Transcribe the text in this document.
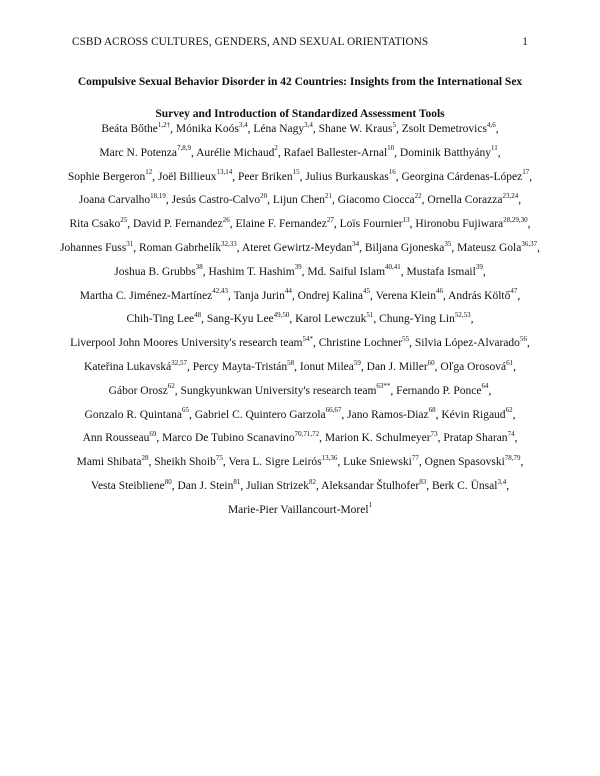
CSBD ACROSS CULTURES, GENDERS, AND SEXUAL ORIENTATIONS	1
Compulsive Sexual Behavior Disorder in 42 Countries: Insights from the International Sex Survey and Introduction of Standardized Assessment Tools
Beáta Bőthe$^{1,2\dagger}$, Mónika Koós$^{3,4}$, Léna Nagy$^{3,4}$, Shane W. Kraus$^5$, Zsolt Demetrovics$^{4,6}$, Marc N. Potenza$^{7,8,9}$, Aurélie Michaud$^2$, Rafael Ballester-Arnal$^{10}$, Dominik Batthyány$^{11}$, Sophie Bergeron$^{12}$, Joël Billieux$^{13,14}$, Peer Briken$^{15}$, Julius Burkauskas$^{16}$, Georgina Cárdenas-López$^{17}$, Joana Carvalho$^{18,19}$, Jesús Castro-Calvo$^{20}$, Lijun Chen$^{21}$, Giacomo Ciocca$^{22}$, Ornella Corazza$^{23,24}$, Rita Csako$^{25}$, David P. Fernandez$^{26}$, Elaine F. Fernandez$^{27}$, Loïs Fournier$^{13}$, Hironobu Fujiwara$^{28,29,30}$, Johannes Fuss$^{31}$, Roman Gabrhelík$^{32,33}$, Ateret Gewirtz-Meydan$^{34}$, Biljana Gjoneska$^{35}$, Mateusz Gola$^{36,37}$, Joshua B. Grubbs$^{38}$, Hashim T. Hashim$^{39}$, Md. Saiful Islam$^{40,41}$, Mustafa Ismail$^{39}$, Martha C. Jiménez-Martínez$^{42,43}$, Tanja Jurin$^{44}$, Ondrej Kalina$^{45}$, Verena Klein$^{46}$, András Költő$^{47}$, Chih-Ting Lee$^{48}$, Sang-Kyu Lee$^{49,50}$, Karol Lewczuk$^{51}$, Chung-Ying Lin$^{52,53}$, Liverpool John Moores University's research team$^{54*}$, Christine Lochner$^{55}$, Silvia López-Alvarado$^{56}$, Kateřina Lukavská$^{32,57}$, Percy Mayta-Tristán$^{58}$, Ionut Milea$^{59}$, Dan J. Miller$^{60}$, Oľga Orosová$^{61}$, Gábor Orosz$^{62}$, Sungkyunkwan University's research team$^{63**}$, Fernando P. Ponce$^{64}$, Gonzalo R. Quintana$^{65}$, Gabriel C. Quintero Garzola$^{66,67}$, Jano Ramos-Diaz$^{68}$, Kévin Rigaud$^{62}$, Ann Rousseau$^{69}$, Marco De Tubino Scanavino$^{70,71,72}$, Marion K. Schulmeyer$^{73}$, Pratap Sharan$^{74}$, Mami Shibata$^{28}$, Sheikh Shoib$^{75}$, Vera L. Sigre Leirós$^{13,36}$, Luke Sniewski$^{77}$, Ognen Spasovski$^{78,79}$, Vesta Steibliene$^{80}$, Dan J. Stein$^{81}$, Julian Strizek$^{82}$, Aleksandar Štulhofer$^{83}$, Berk C. Ünsal$^{3,4}$, Marie-Pier Vaillancourt-Morel$^1$
